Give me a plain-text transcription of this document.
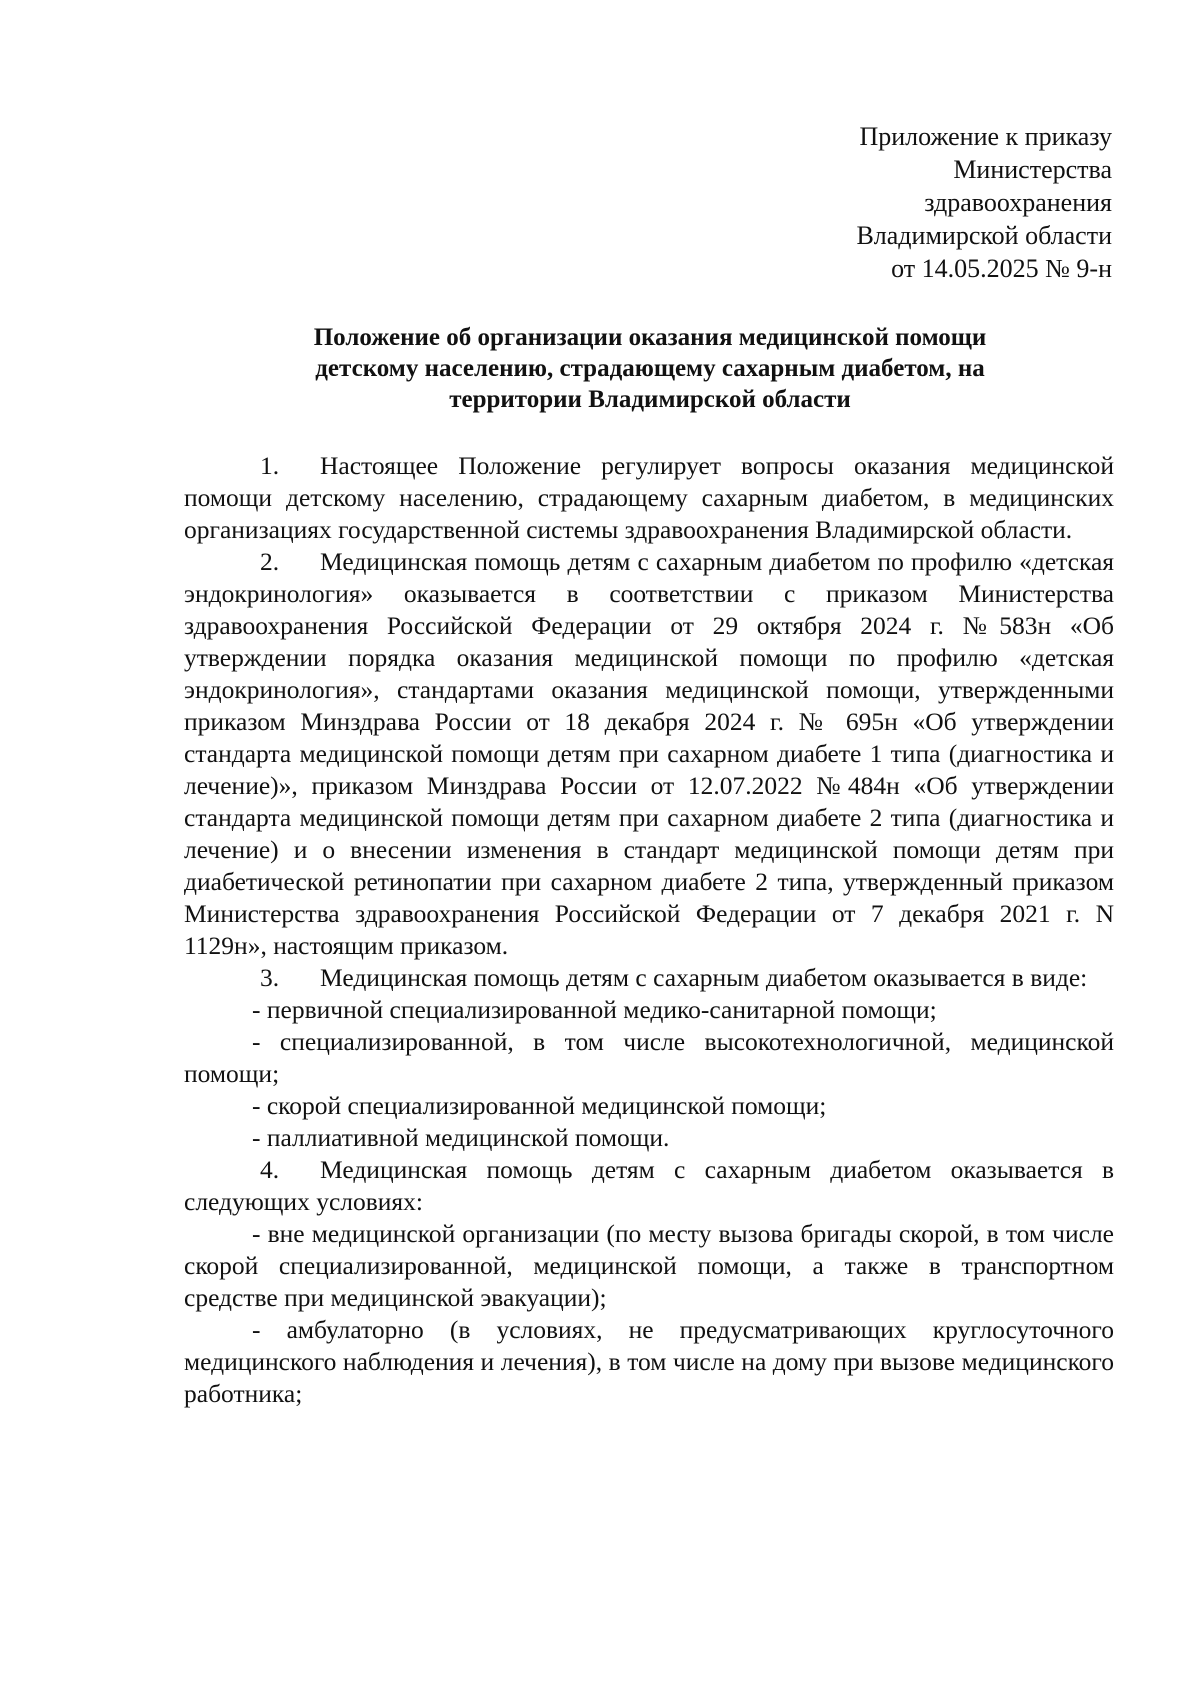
Приложение к приказу
Министерства
здравоохранения
Владимирской области
от 14.05.2025 № 9-н
Положение об организации оказания медицинской помощи
детскому населению, страдающему сахарным диабетом, на
территории Владимирской области

1. Настоящее Положение регулирует вопросы оказания медицинской помощи детскому населению, страдающему сахарным диабетом, в медицинских организациях государственной системы здравоохранения Владимирской области.

2. Медицинская помощь детям с сахарным диабетом по профилю «детская эндокринология» оказывается в соответствии с приказом Министерства здравоохранения Российской Федерации от 29 октября 2024 г. №583н «Об утверждении порядка оказания медицинской помощи по профилю «детская эндокринология», стандартами оказания медицинской помощи, утвержденными приказом Минздрава России от 18 декабря 2024 г. № 695н «Об утверждении стандарта медицинской помощи детям при сахарном диабете 1 типа (диагностика и лечение)», приказом Минздрава России от 12.07.2022 №484н «Об утверждении стандарта медицинской помощи детям при сахарном диабете 2 типа (диагностика и лечение) и о внесении изменения в стандарт медицинской помощи детям при диабетической ретинопатии при сахарном диабете 2 типа, утвержденный приказом Министерства здравоохранения Российской Федерации от 7 декабря 2021 г. N 1129н», настоящим приказом.

3. Медицинская помощь детям с сахарным диабетом оказывается в виде:

- первичной специализированной медико-санитарной помощи;

- специализированной, в том числе высокотехнологичной, медицинской помощи;

- скорой специализированной медицинской помощи;

- паллиативной медицинской помощи.

4. Медицинская помощь детям с сахарным диабетом оказывается в следующих условиях:

- вне медицинской организации (по месту вызова бригады скорой, в том числе скорой специализированной, медицинской помощи, а также в транспортном средстве при медицинской эвакуации);

- амбулаторно (в условиях, не предусматривающих круглосуточного медицинского наблюдения и лечения), в том числе на дому при вызове медицинского работника;
